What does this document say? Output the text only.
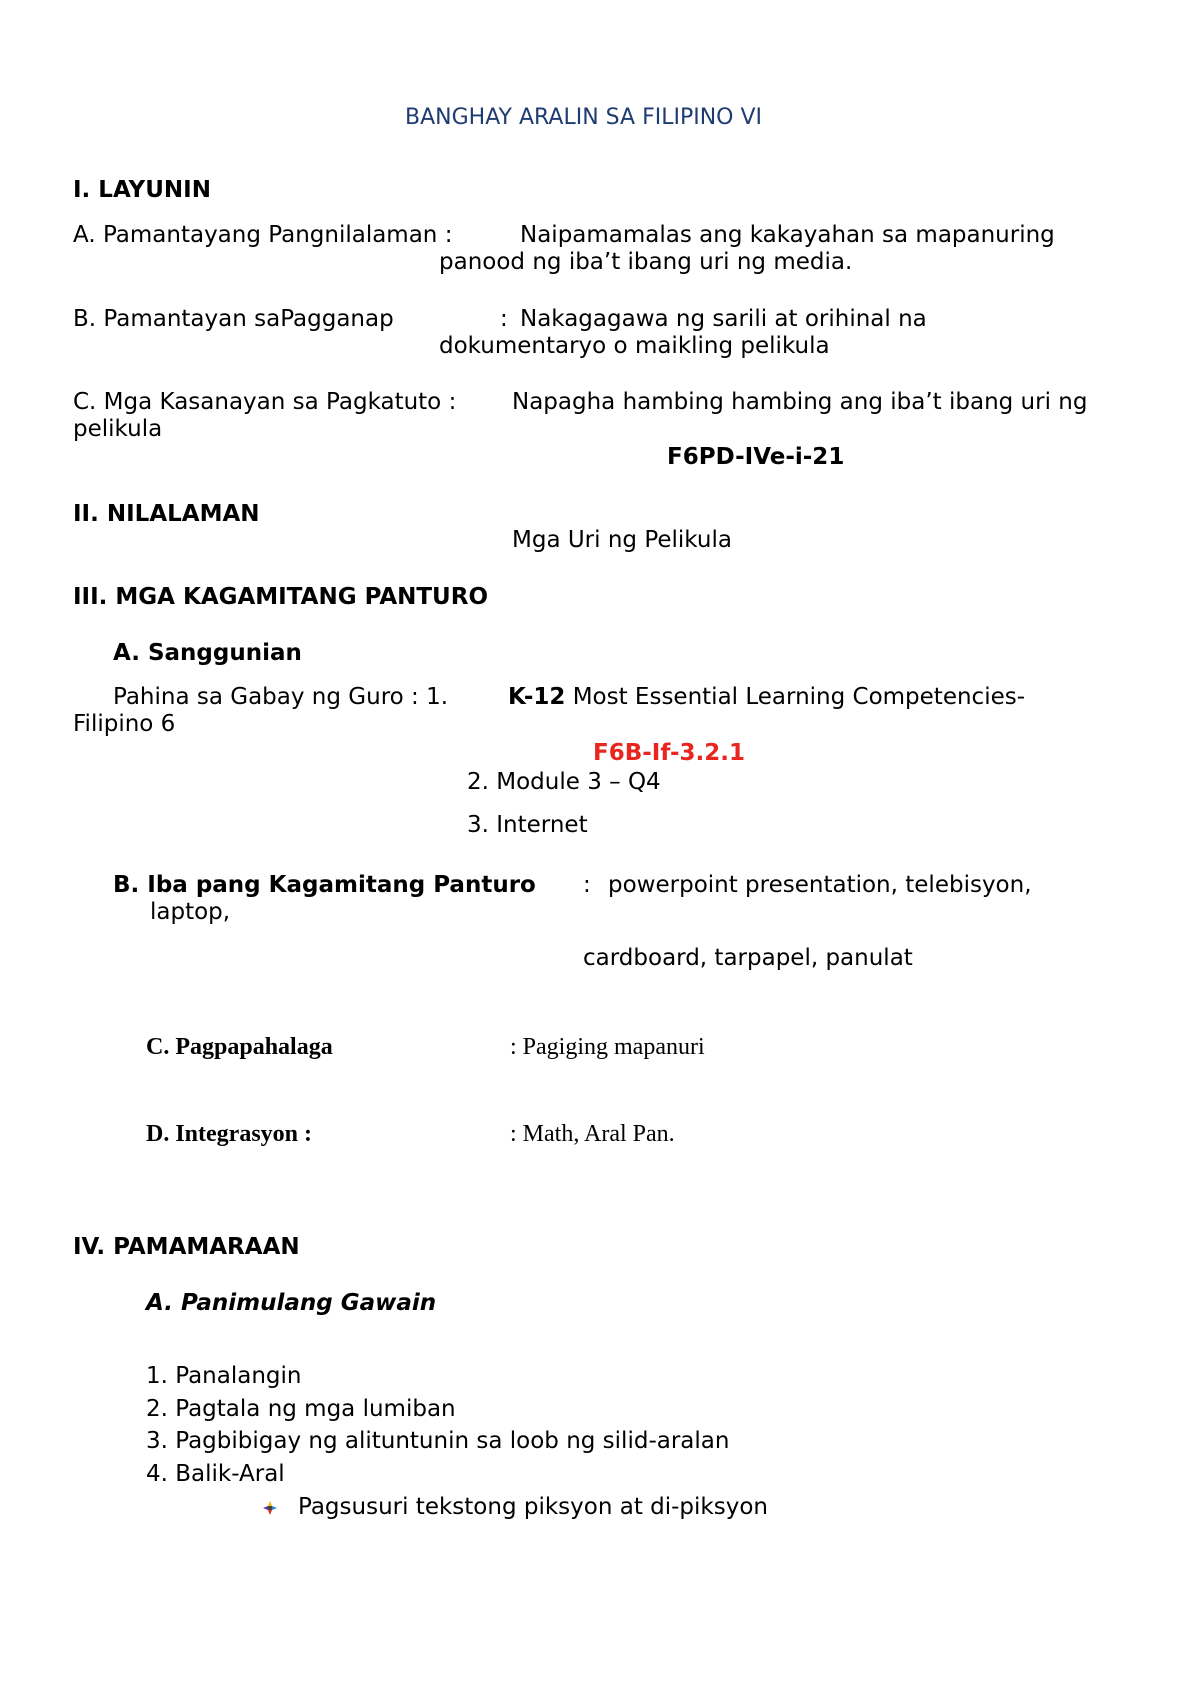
BANGHAY ARALIN SA FILIPINO VI
I. LAYUNIN
A. Pamantayang Pangnilalaman :	Naipamamalas ang kakayahan sa mapanuring
panood ng iba’t ibang uri ng media.
B. Pamantayan saPagganap	: Nakagagawa ng sarili at orihinal na
dokumentaryo o maikling pelikula
C. Mga Kasanayan sa Pagkatuto : Napagha hambing hambing ang iba’t ibang uri ng
pelikula
F6PD-IVe-i-21
II. NILALAMAN
Mga Uri ng Pelikula
III. MGA KAGAMITANG PANTURO
A. Sanggunian
Pahina sa Gabay ng Guro : 1.	K-12 Most Essential Learning Competencies-
Filipino 6
F6B-If-3.2.1
2. Module 3 – Q4
3. Internet
B. Iba pang Kagamitang Panturo : powerpoint presentation, telebisyon,
laptop,
cardboard, tarpapel, panulat
C. Pagpapahalaga	: Pagiging mapanuri
D. Integrasyon :	: Math, Aral Pan.
IV. PAMAMARAAN
A. Panimulang Gawain
1. Panalangin
2. Pagtala ng mga lumiban
3. Pagbibigay ng alituntunin sa loob ng silid-aralan
4. Balik-Aral
Pagsusuri tekstong piksyon at di-piksyon
